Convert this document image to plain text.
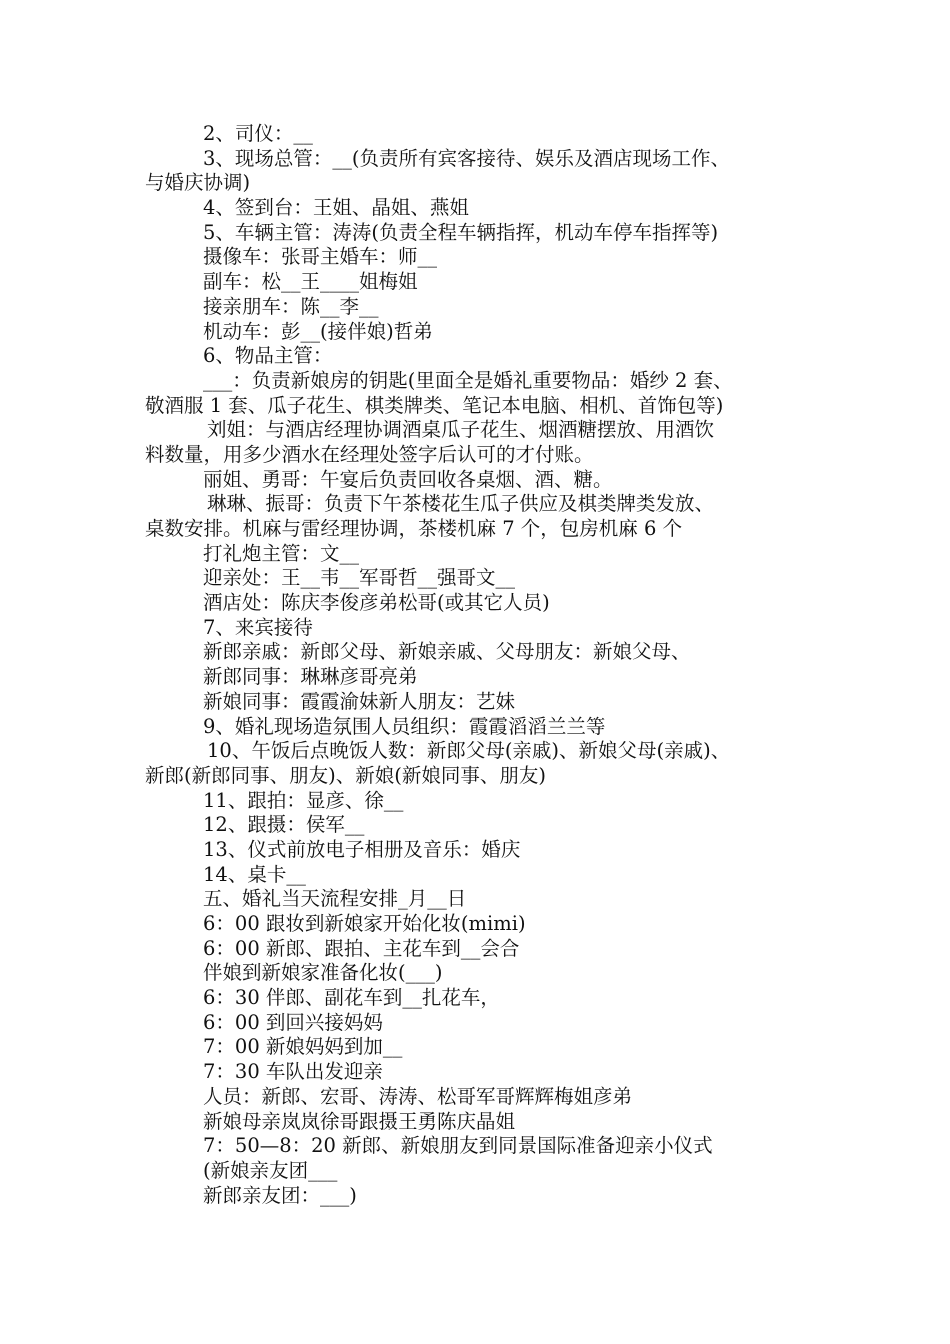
2、司仪：__
3、现场总管：__(负责所有宾客接待、娱乐及酒店现场工作、
与婚庆协调)
4、签到台：王姐、晶姐、燕姐
5、车辆主管：涛涛(负责全程车辆指挥，机动车停车指挥等)
摄像车：张哥主婚车：师__
副车：松__王____姐梅姐
接亲朋车：陈__李__
机动车：彭__(接伴娘)哲弟
6、物品主管：
___：负责新娘房的钥匙(里面全是婚礼重要物品：婚纱 2 套、
敬酒服 1 套、瓜子花生、棋类牌类、笔记本电脑、相机、首饰包等)
刘姐：与酒店经理协调酒桌瓜子花生、烟酒糖摆放、用酒饮
料数量，用多少酒水在经理处签字后认可的才付账。
丽姐、勇哥：午宴后负责回收各桌烟、酒、糖。
琳琳、振哥：负责下午茶楼花生瓜子供应及棋类牌类发放、
桌数安排。机麻与雷经理协调，茶楼机麻 7 个，包房机麻 6 个
打礼炮主管：文__
迎亲处：王__韦__军哥哲__强哥文__
酒店处：陈庆李俊彦弟松哥(或其它人员)
7、来宾接待
新郎亲戚：新郎父母、新娘亲戚、父母朋友：新娘父母、
新郎同事：琳琳彦哥亮弟
新娘同事：霞霞渝妹新人朋友：艺妹
9、婚礼现场造氛围人员组织：霞霞滔滔兰兰等
10、午饭后点晚饭人数：新郎父母(亲戚)、新娘父母(亲戚)、
新郎(新郎同事、朋友)、新娘(新娘同事、朋友)
11、跟拍：显彦、徐__
12、跟摄：侯军__
13、仪式前放电子相册及音乐：婚庆
14、桌卡__
五、婚礼当天流程安排_月__日
6：00 跟妆到新娘家开始化妆(mimi)
6：00 新郎、跟拍、主花车到__会合
伴娘到新娘家准备化妆(___)
6：30 伴郎、副花车到__扎花车，
6：00 到回兴接妈妈
7：00 新娘妈妈到加__
7：30 车队出发迎亲
人员：新郎、宏哥、涛涛、松哥军哥辉辉梅姐彦弟
新娘母亲岚岚徐哥跟摄王勇陈庆晶姐
7：50—8：20 新郎、新娘朋友到同景国际准备迎亲小仪式
(新娘亲友团___
新郎亲友团：___)
